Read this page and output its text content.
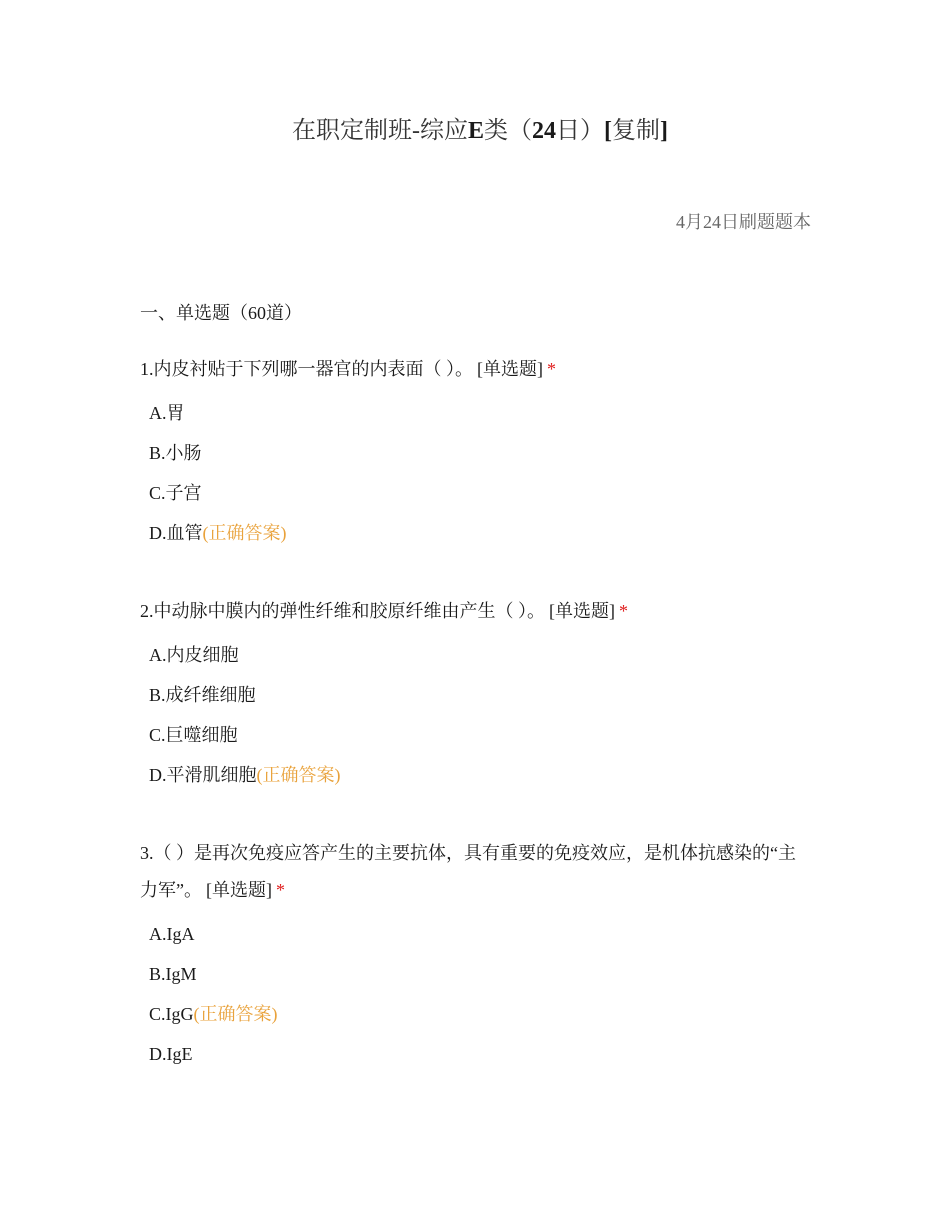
在职定制班-综应E类（24日）[复制]
4月24日刷题题本
一、单选题（60道）
1.内皮衬贴于下列哪一器官的内表面（ ）。 [单选题] *
A.胃
B.小肠
C.子宫
D.血管(正确答案)
2.中动脉中膜内的弹性纤维和胶原纤维由产生（ ）。 [单选题] *
A.内皮细胞
B.成纤维细胞
C.巨噬细胞
D.平滑肌细胞(正确答案)
3.（ ）是再次免疫应答产生的主要抗体，具有重要的免疫效应，是机体抗感染的“主力军”。 [单选题] *
A.IgA
B.IgM
C.IgG(正确答案)
D.IgE
